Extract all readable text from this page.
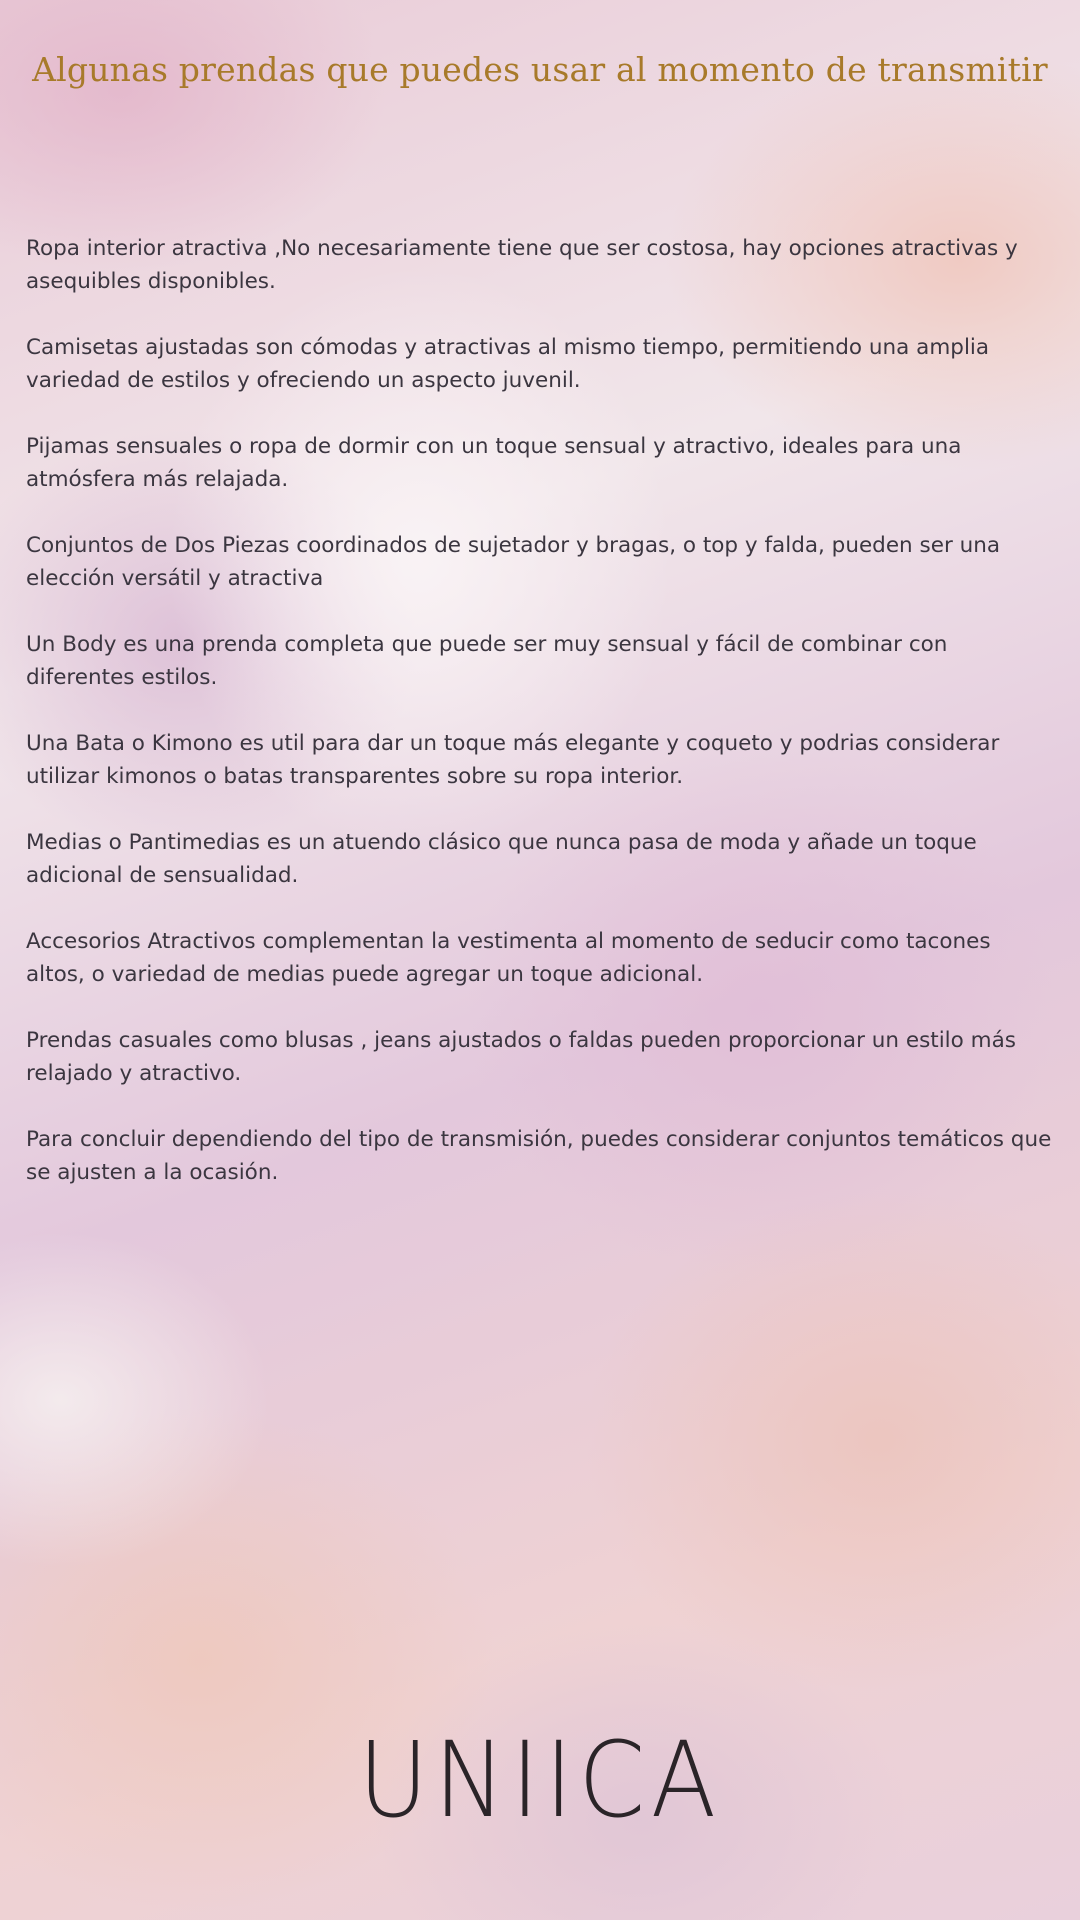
Algunas prendas que puedes usar al momento de transmitir

Ropa interior atractiva ,No necesariamente tiene que ser costosa, hay opciones atractivas y asequibles disponibles.

Camisetas ajustadas son cómodas y atractivas al mismo tiempo, permitiendo una amplia variedad de estilos y ofreciendo un aspecto juvenil.

Pijamas sensuales o ropa de dormir con un toque sensual y atractivo, ideales para una atmósfera más relajada.

Conjuntos de Dos Piezas coordinados de sujetador y bragas, o top y falda, pueden ser una elección versátil y atractiva

Un Body es una prenda completa que puede ser muy sensual y fácil de combinar con diferentes estilos.

Una Bata o Kimono es util para dar un toque más elegante y coqueto y podrias considerar utilizar kimonos o batas transparentes sobre su ropa interior.

Medias o Pantimedias es un atuendo clásico que nunca pasa de moda y añade un toque adicional de sensualidad.

Accesorios Atractivos complementan la vestimenta al momento de seducir como tacones altos, o variedad de medias puede agregar un toque adicional.

Prendas casuales como blusas , jeans ajustados o faldas pueden proporcionar un estilo más relajado y atractivo.

Para concluir dependiendo del tipo de transmisión, puedes considerar conjuntos temáticos que se ajusten a la ocasión.

UNIICA
